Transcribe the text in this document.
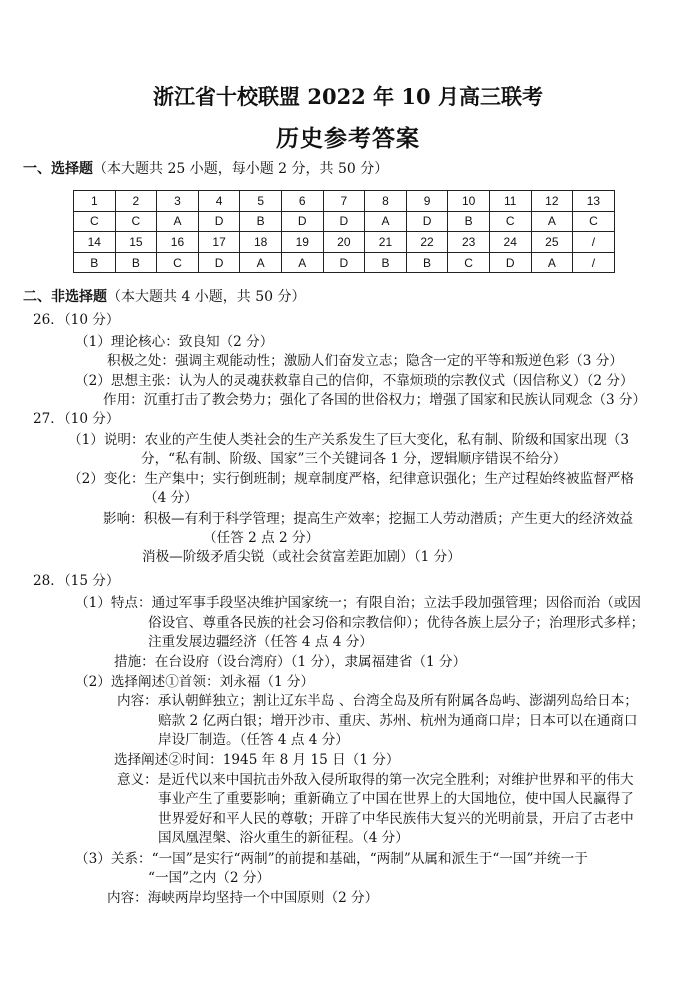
浙江省十校联盟 2022 年 10 月高三联考
历史参考答案
一、选择题（本大题共 25 小题，每小题 2 分，共 50 分）
1	2	3	4	5	6	7	8	9	10	11	12	13
C	C	A	D	B	D	D	A	D	B	C	A	C
14	15	16	17	18	19	20	21	22	23	24	25	/
B	B	C	D	A	A	D	B	B	C	D	A	/
二、非选择题（本大题共 4 小题，共 50 分）
26．（10 分）
（1）理论核心：致良知（2 分）
积极之处：强调主观能动性；激励人们奋发立志；隐含一定的平等和叛逆色彩（3 分）
（2）思想主张：认为人的灵魂获救靠自己的信仰，不靠烦琐的宗教仪式（因信称义）（2 分）
作用：沉重打击了教会势力；强化了各国的世俗权力；增强了国家和民族认同观念（3 分）
27．（10 分）
（1）说明：农业的产生使人类社会的生产关系发生了巨大变化，私有制、阶级和国家出现（3
分，“私有制、阶级、国家”三个关键词各 1 分，逻辑顺序错误不给分）
（2）变化：生产集中；实行倒班制；规章制度严格，纪律意识强化；生产过程始终被监督严格
（4 分）
影响：积极—有利于科学管理；提高生产效率；挖掘工人劳动潜质；产生更大的经济效益
（任答 2 点 2 分）
消极—阶级矛盾尖锐（或社会贫富差距加剧）（1 分）
28．（15 分）
（1）特点：通过军事手段坚决维护国家统一；有限自治；立法手段加强管理；因俗而治（或因
俗设官、尊重各民族的社会习俗和宗教信仰）；优待各族上层分子；治理形式多样；
注重发展边疆经济（任答 4 点 4 分）
措施：在台设府（设台湾府）（1 分），隶属福建省（1 分）
（2）选择阐述①首领：刘永福（1 分）
内容：承认朝鲜独立；割让辽东半岛 、台湾全岛及所有附属各岛屿、澎湖列岛给日本；
赔款 2 亿两白银；增开沙市、重庆、苏州、杭州为通商口岸；日本可以在通商口
岸设厂制造。（任答 4 点 4 分）
选择阐述②时间：1945 年 8 月 15 日（1 分）
意义：是近代以来中国抗击外敌入侵所取得的第一次完全胜利；对维护世界和平的伟大
事业产生了重要影响；重新确立了中国在世界上的大国地位，使中国人民赢得了
世界爱好和平人民的尊敬；开辟了中华民族伟大复兴的光明前景，开启了古老中
国凤凰涅槃、浴火重生的新征程。（4 分）
（3）关系：“一国”是实行“两制”的前提和基础，“两制”从属和派生于“一国”并统一于
“一国”之内（2 分）
内容：海峡两岸均坚持一个中国原则（2 分）
